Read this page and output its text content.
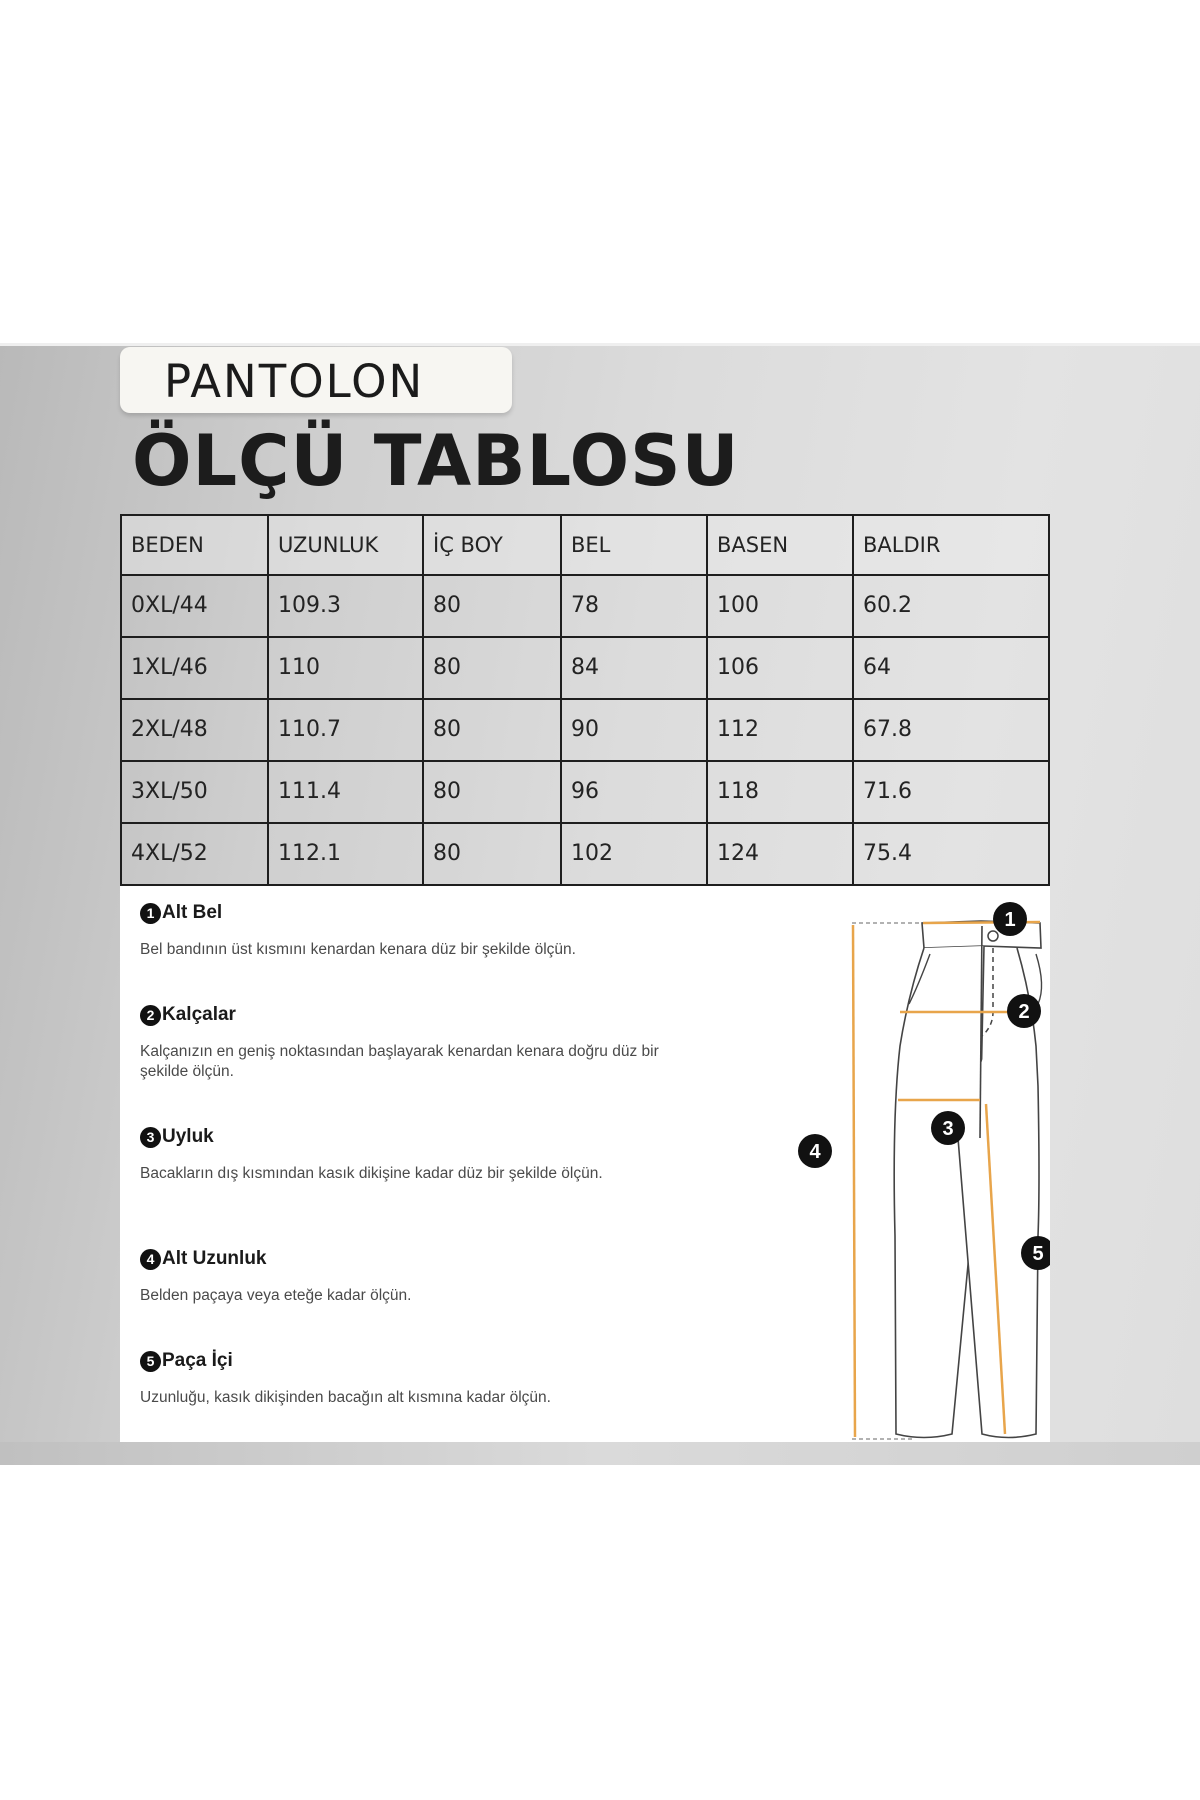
PANTOLON
ÖLÇÜ TABLOSU
BEDEN	UZUNLUK	İÇ BOY	BEL	BASEN	BALDIR
0XL/44	109.3	80	78	100	60.2
1XL/46	110	80	84	106	64
2XL/48	110.7	80	90	112	67.8
3XL/50	111.4	80	96	118	71.6
4XL/52	112.1	80	102	124	75.4
1 Alt Bel

Bel bandının üst kısmını kenardan kenara düz bir şekilde ölçün.

2 Kalçalar

Kalçanızın en geniş noktasından başlayarak kenardan kenara doğru düz bir şekilde ölçün.

3 Uyluk

Bacakların dış kısmından kasık dikişine kadar düz bir şekilde ölçün.

4 Alt Uzunluk

Belden paçaya veya eteğe kadar ölçün.

5 Paça İçi

Uzunluğu, kasık dikişinden bacağın alt kısmına kadar ölçün.

1
2
3
4
5
